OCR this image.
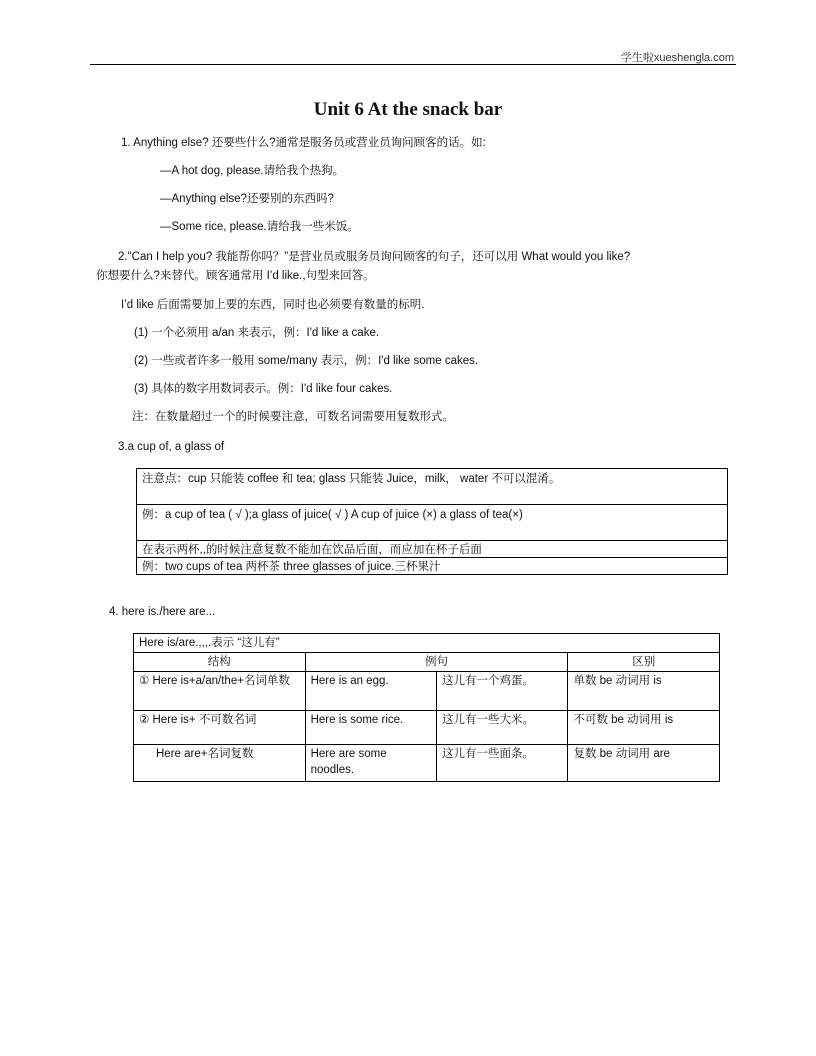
学生啦xueshengla.com
Unit 6 At the snack bar
1. Anything else? 还要些什么?通常是服务员或营业员询问顾客的话。如:
—A hot dog, please.请给我个热狗。
—Anything else?还要别的东西吗?
—Some rice, please.请给我一些米饭。
2."Can I help you? 我能帮你吗？”是营业员或服务员询问顾客的句子，还可以用 What would you like?
你想要什么?来替代。顾客通常用 I’d like.,句型来回答。
I’d like 后面需要加上要的东西，同时也必须要有数量的标明.
(1) 一个必须用 a/an 来表示，例：I'd like a cake.
(2) 一些或者许多一般用 some/many 表示，例：I'd like some cakes.
(3) 具体的数字用数词表示。例：I'd like four cakes.
注：在数量超过一个的时候要注意，可数名词需要用复数形式。
3.a cup of, a glass of
注意点：cup 只能装 coffee 和 tea; glass 只能装 Juice，milk， water 不可以混淆。
例：a cup of tea ( √ );a glass of juice( √ ) A cup of juice (×) a glass of tea(×)
在表示两杯,,的时候注意复数不能加在饮品后面，而应加在杯子后面
例：two cups of tea 两杯茶 three glasses of juice.三杯果汁
4. here is./here are...
Here is/are.,,,.表示 “这儿有”			
结构	例句		区别
① Here is+a/an/the+名词单数	Here is an egg.	这儿有一个鸡蛋。	单数 be 动词用 is
② Here is+ 不可数名词	Here is some rice.	这儿有一些大米。	不可数 be 动词用 is
Here are+名词复数	Here are some noodles.	这儿有一些面条。	复数 be 动词用 are
